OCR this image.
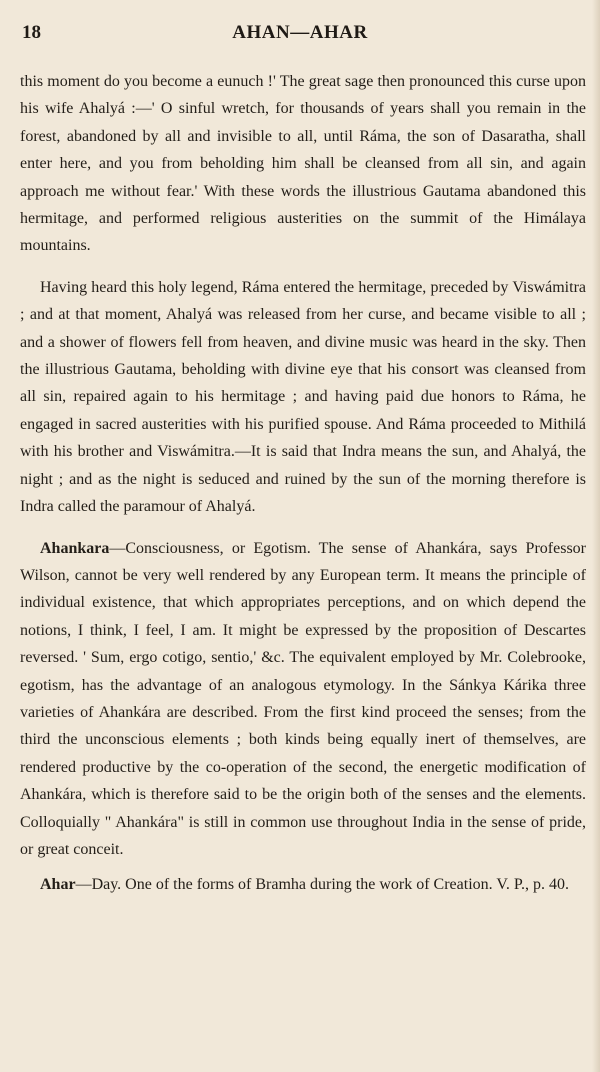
18	AHAN—AHAR

this moment do you become a eunuch !' The great sage then pronounced this curse upon his wife Ahalyá :—' O sinful wretch, for thousands of years shall you remain in the forest, abandoned by all and invisible to all, until Ráma, the son of Dasaratha, shall enter here, and you from beholding him shall be cleansed from all sin, and again approach me without fear.' With these words the illustrious Gautama abandoned this hermitage, and performed religious austerities on the summit of the Himálaya mountains.

Having heard this holy legend, Ráma entered the hermitage, preceded by Viswámitra ; and at that moment, Ahalyá was released from her curse, and became visible to all ; and a shower of flowers fell from heaven, and divine music was heard in the sky. Then the illustrious Gautama, beholding with divine eye that his consort was cleansed from all sin, repaired again to his hermitage ; and having paid due honors to Ráma, he engaged in sacred austerities with his purified spouse. And Ráma proceeded to Mithilá with his brother and Viswámitra.—It is said that Indra means the sun, and Ahalyá, the night ; and as the night is seduced and ruined by the sun of the morning therefore is Indra called the paramour of Ahalyá.

Ahankara—Consciousness, or Egotism. The sense of Ahankára, says Professor Wilson, cannot be very well rendered by any European term. It means the principle of individual existence, that which appropriates perceptions, and on which depend the notions, I think, I feel, I am. It might be expressed by the proposition of Descartes reversed. ' Sum, ergo cotigo, sentio,' &c. The equivalent employed by Mr. Colebrooke, egotism, has the advantage of an analogous etymology. In the Sánkya Kárika three varieties of Ahankára are described. From the first kind proceed the senses; from the third the unconscious elements ; both kinds being equally inert of themselves, are rendered productive by the co-operation of the second, the energetic modification of Ahankára, which is therefore said to be the origin both of the senses and the elements. Colloquially " Ahankára" is still in common use throughout India in the sense of pride, or great conceit.

Ahar—Day. One of the forms of Bramha during the work of Creation. V. P., p. 40.
